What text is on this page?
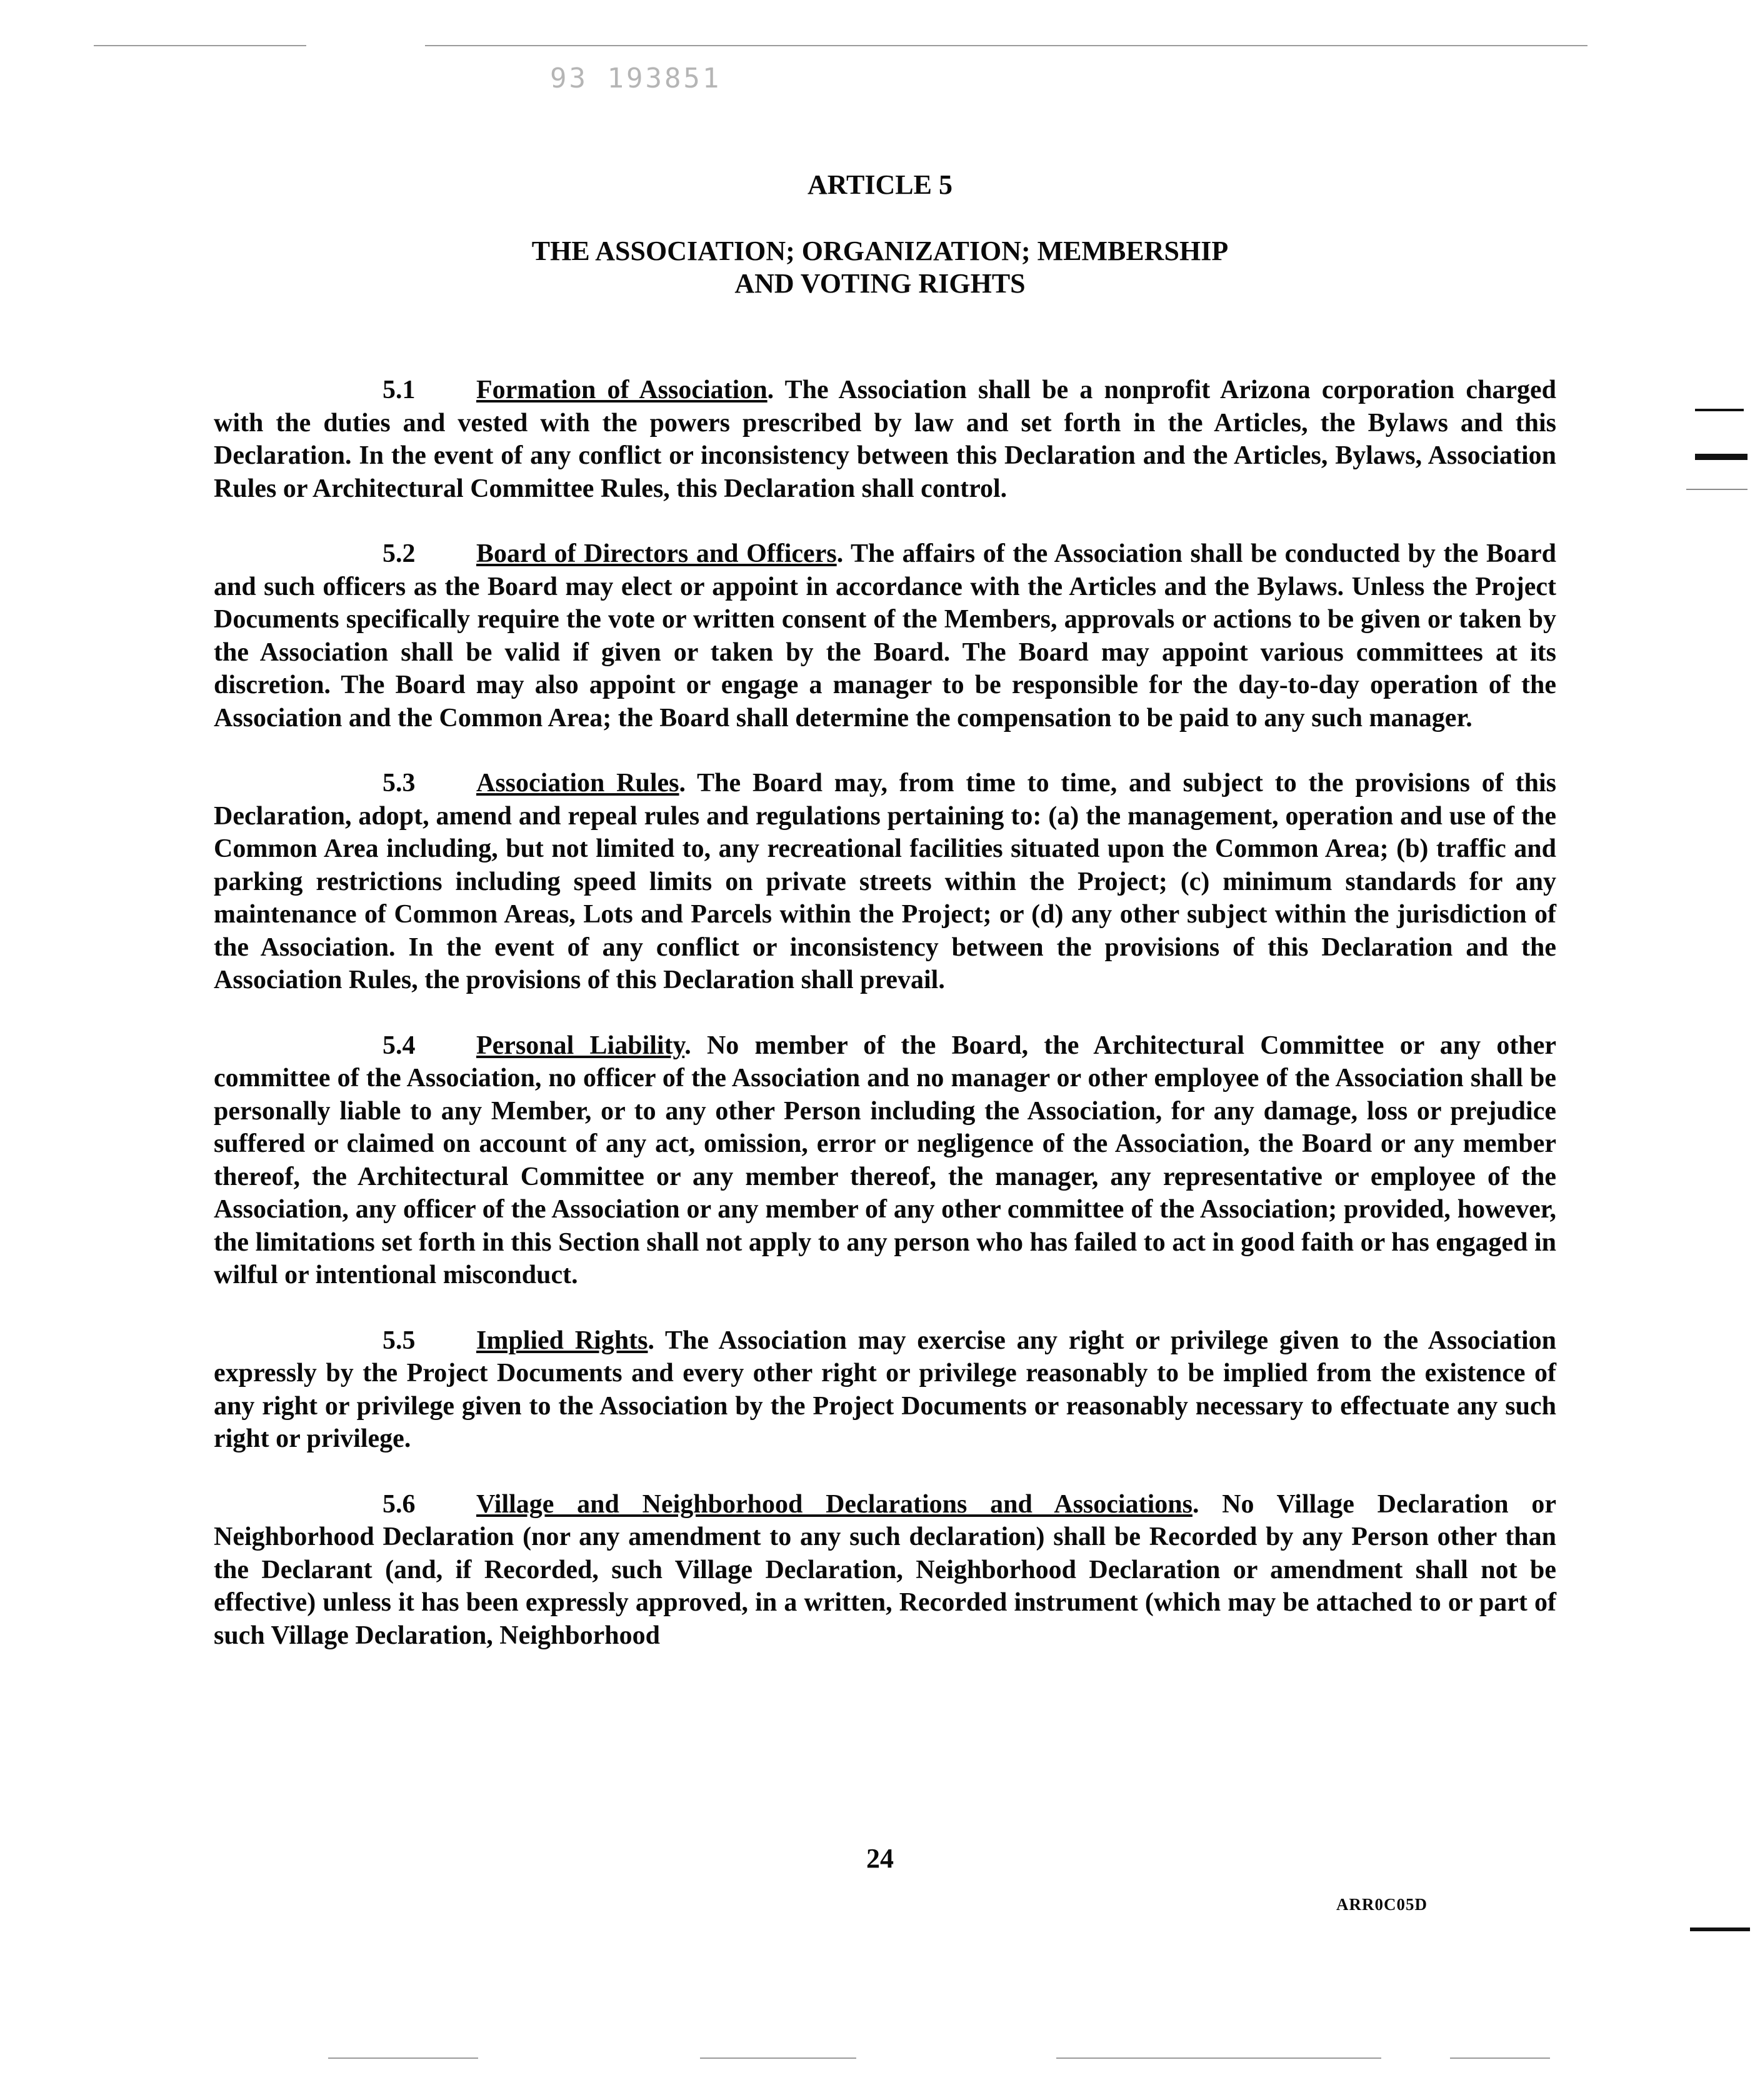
93 193851
ARTICLE 5
THE ASSOCIATION; ORGANIZATION; MEMBERSHIP
AND VOTING RIGHTS

5.1 Formation of Association. The Association shall be a nonprofit Arizona corporation charged with the duties and vested with the powers prescribed by law and set forth in the Articles, the Bylaws and this Declaration. In the event of any conflict or inconsistency between this Declaration and the Articles, Bylaws, Association Rules or Architectural Committee Rules, this Declaration shall control.

5.2 Board of Directors and Officers. The affairs of the Association shall be conducted by the Board and such officers as the Board may elect or appoint in accordance with the Articles and the Bylaws. Unless the Project Documents specifically require the vote or written consent of the Members, approvals or actions to be given or taken by the Association shall be valid if given or taken by the Board. The Board may appoint various committees at its discretion. The Board may also appoint or engage a manager to be responsible for the day-to-day operation of the Association and the Common Area; the Board shall determine the compensation to be paid to any such manager.

5.3 Association Rules. The Board may, from time to time, and subject to the provisions of this Declaration, adopt, amend and repeal rules and regulations pertaining to: (a) the management, operation and use of the Common Area including, but not limited to, any recreational facilities situated upon the Common Area; (b) traffic and parking restrictions including speed limits on private streets within the Project; (c) minimum standards for any maintenance of Common Areas, Lots and Parcels within the Project; or (d) any other subject within the jurisdiction of the Association. In the event of any conflict or inconsistency between the provisions of this Declaration and the Association Rules, the provisions of this Declaration shall prevail.

5.4 Personal Liability. No member of the Board, the Architectural Committee or any other committee of the Association, no officer of the Association and no manager or other employee of the Association shall be personally liable to any Member, or to any other Person including the Association, for any damage, loss or prejudice suffered or claimed on account of any act, omission, error or negligence of the Association, the Board or any member thereof, the Architectural Committee or any member thereof, the manager, any representative or employee of the Association, any officer of the Association or any member of any other committee of the Association; provided, however, the limitations set forth in this Section shall not apply to any person who has failed to act in good faith or has engaged in wilful or intentional misconduct.

5.5 Implied Rights. The Association may exercise any right or privilege given to the Association expressly by the Project Documents and every other right or privilege reasonably to be implied from the existence of any right or privilege given to the Association by the Project Documents or reasonably necessary to effectuate any such right or privilege.

5.6 Village and Neighborhood Declarations and Associations. No Village Declaration or Neighborhood Declaration (nor any amendment to any such declaration) shall be Recorded by any Person other than the Declarant (and, if Recorded, such Village Declaration, Neighborhood Declaration or amendment shall not be effective) unless it has been expressly approved, in a written, Recorded instrument (which may be attached to or part of such Village Declaration, Neighborhood

24
ARR0C05D
